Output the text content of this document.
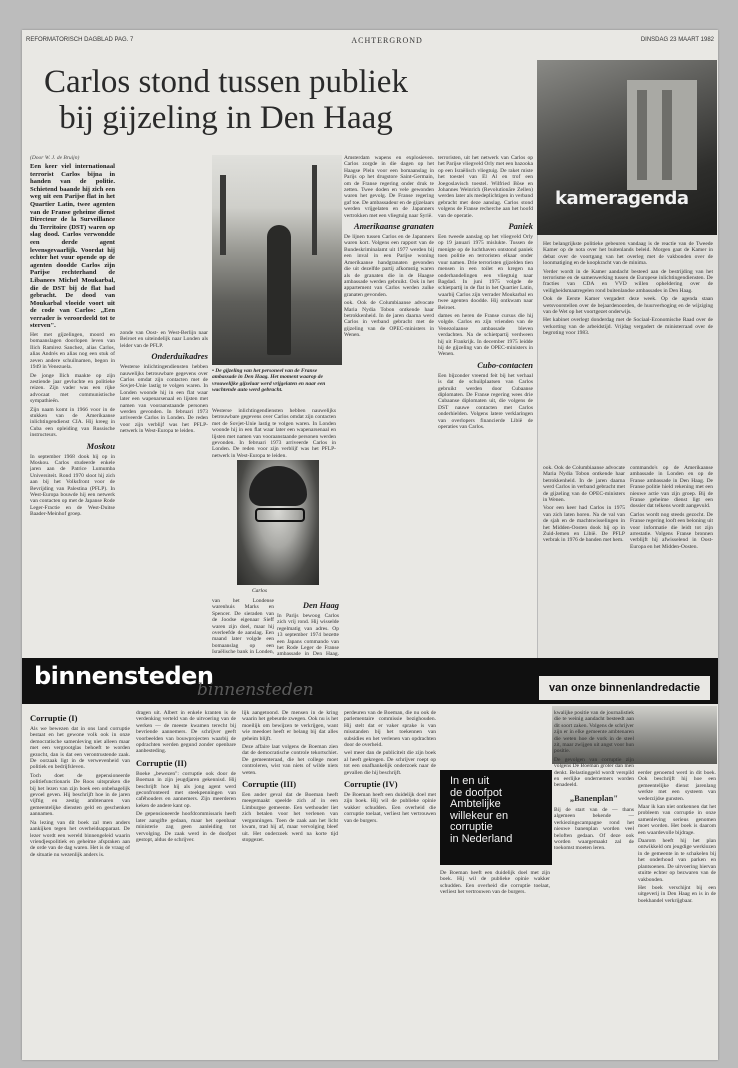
REFORMATORISCH DAGBLAD PAG. 7	ACHTERGROND	DINSDAG 23 MAART 1982
Carlos stond tussen publiek
bij gijzeling in Den Haag
(Door W. J. de Bruijn)

Een keer viel internationaal terrorist Carlos bijna in handen van de politie. Schietend baande hij zich een weg uit een Parijse flat in het Quartier Latin, twee agenten van de Franse geheime dienst Directeur de la Surveillance du Territoire (DST) waren op slag dood. Carlos verwondde een derde agent levensgevaarlijk. Voordat hij echter het vuur opende op de agenten doodde Carlos zijn Parijse rechterhand de Libanees Michel Moukarbal, die de DST bij de flat had gebracht. De dood van Moukarbal vloeide voort uit de code van Carlos: „Een verrader is veroordeeld tot te sterven".

Het met gijzelingen, moord en bomaanslagen doorlopen leven van Ilich Ramirez Sanchez, alias Carlos, alias Andrés en alias nog een stuk of zeven andere schuilnamen, begon in 1949 in Venezuela.

De jonge Ilich maakte op zijn zestiende jaar gevluchte en politieke reizen. Zijn vader was een rijke advocaat met communistische sympathieën.

Zijn naam komt in 1966 voor in de stukken van de Amerikaanse inlichtingendienst CIA. Hij kreeg in Cuba een opleiding van Russische instructeurs.

Moskou

In september 1968 dook hij op in Moskou. Carlos studeerde enkele jaren aan de Patrice Lumumba Universiteit. Rond 1970 sloot hij zich aan bij het Volksfront voor de Bevrijding van Palestina (PFLP). In West-Europa bouwde hij een netwerk van contacten op met de Japanse Rode Leger-Fractie en de West-Duitse Baader-Meinhof groep.

zonde van Oost- en West-Berlijn naar Beiroet en uiteindelijk naar Londen als leider van de PFLP.

Onderduikadres

Westerse inlichtingendiensten hebben nauwelijks betrouwbare gegevens over Carlos omdat zijn contacten met de Sovjet-Unie lastig te volgen waren. In Londen woonde hij in een flat waar later een wapenarsenaal en lijsten met namen van vooraanstaande personen werden gevonden. In februari 1973 arriveerde Carlos in Londen. De reden voor zijn verblijf was het PFLP-netwerk in West-Europa te leiden.

• De gijzeling van het personeel van de Franse ambassade in Den Haag. Het moment waarop de vrouwelijke gijzelaar werd vrijgelaten en naar een wachtende auto werd gebracht.

Westerse inlichtingendiensten hebben nauwelijks betrouwbare gegevens over Carlos omdat zijn contacten met de Sovjet-Unie lastig te volgen waren. In Londen woonde hij in een flat waar later een wapenarsenaal en lijsten met namen van vooraanstaande personen werden gevonden. In februari 1973 arriveerde Carlos in Londen. De reden voor zijn verblijf was het PFLP-netwerk in West-Europa te leiden.

Carlos

van het Londense warenhuis Marks en Spencer. De sieraden van de Joodse eigenaar Sieff waren zijn doel, maar hij overleefde de aanslag. Een maand later volgde een bomaanslag op een Israëlische bank in Londen,

Den Haag

In Parijs bewoog Carlos zich vrij rond. Hij wisselde regelmatig van adres. Op 13 september 1974 bezette een Japans commando van het Rode Leger de Franse ambassade in Den Haag.

Amsterdam wapens en explosieven. Carlos zorgde in die dagen op het Haagse Plein voor een bomaanslag in Parijs op het drugstore Saint-Germain, om de Franse regering onder druk te zetten. Twee doden en vele gewonden waren het gevolg. De Franse regering gaf toe. De ambassadeur en de gijzelaars werden vrijgelaten en de Japanners vertrokken met een vliegtuig naar Syrië.

Amerikaanse granaten

De lijnen tussen Carlos en de Japanners waren kort. Volgens een rapport van de Bundeskriminalamt uit 1977 werden bij een inval in een Parijse woning Amerikaanse handgranaten gevonden die uit dezelfde partij afkomstig waren als de granaten die in de Haagse ambassade werden gebruikt. Ook in het appartement van Carlos werden zulke granaten gevonden.

ook. Ook de Columbiaanse advocate Maria Nydia Tobon ontkende haar betrokkenheid. In de jaren daarna werd Carlos in verband gebracht met de gijzeling van de OPEC-ministers in Wenen.

terroristen, uit het netwerk van Carlos op het Parijse vliegveld Orly met een bazooka op een Israëlisch vliegtuig. De raket miste het toestel van El Al en trof een Joegoslavisch toestel. Wilfried Böse en Johannes Weinrich (Revolutionäre Zellen) werden later als medeplichtigen in verband gebracht met deze aanslag. Carlos stond volgens de Franse recherche aan het hoofd van de operatie.

Paniek

Een tweede aanslag op het vliegveld Orly op 19 januari 1975 mislukte. Tussen de menigte op de luchthaven ontstond paniek toen politie en terroristen elkaar onder vuur namen. Drie terroristen gijzelden tien mensen in een toilet en kregen na onderhandelingen een vliegtuig naar Bagdad. In juni 1975 volgde de schietpartij in de flat in het Quartier Latin, waarbij Carlos zijn verrader Moukarbal en twee agenten doodde. Hij ontkwam naar Beiroet.

dames en heren de Franse cursus die hij volgde. Carlos en zijn vrienden van de Venezolaanse ambassade bleven verdachten. Na de schietpartij verdween hij uit Frankrijk. In december 1975 leidde hij de gijzeling van de OPEC-ministers in Wenen.

Cubo-contacten

Een bijzonder vreemd feit bij het verhaal is dat de schuilplaatsen van Carlos gebruikt werden door Cubaanse diplomaten. De Franse regering wees drie Cubaanse diplomaten uit, die volgens de DST nauwe contacten met Carlos onderhielden. Volgens latere verklaringen van overlopers financierde Libië de operaties van Carlos.

kameragenda

Het belangrijkste politieke gebeuren vandaag is de reactie van de Tweede Kamer op de nota over het buitenlands beleid. Morgen gaat de Kamer in debat over de voortgang van het overleg met de vakbonden over de loonmatiging en de koopkracht van de minima.

Verder wordt in de Kamer aandacht besteed aan de bestrijding van het terrorisme en de samenwerking tussen de Europese inlichtingendiensten. De fracties van CDA en VVD willen opheldering over de veiligheidsmaatregelen rond buitenlandse ambassades in Den Haag.

Ook de Eerste Kamer vergadert deze week. Op de agenda staan wetsvoorstellen over de bejaardenoorden, de huurverhoging en de wijziging van de Wet op het voortgezet onderwijs.

Het kabinet overlegt donderdag met de Sociaal-Economische Raad over de verkorting van de arbeidstijd. Vrijdag vergadert de ministerraad over de begroting voor 1983.

ook. Ook de Columbiaanse advocate Maria Nydia Tobon ontkende haar betrokkenheid. In de jaren daarna werd Carlos in verband gebracht met de gijzeling van de OPEC-ministers in Wenen.

Voor een keer had Carlos in 1975 van zich laten horen. Na de val van de sjah en de machtswisselingen in het Midden-Oosten dook hij op in Zuid-Jemen en Libië. De PFLP verbrak in 1976 de banden met hem.

commando's op de Amerikaanse ambassade in Londen en op de Franse ambassade in Den Haag. De Franse politie hield rekening met een nieuwe actie van zijn groep. Bij de Franse geheime dienst ligt een dossier dat telkens wordt aangevuld.

Carlos wordt nog steeds gezocht. De Franse regering looft een beloning uit voor informatie die leidt tot zijn arrestatie. Volgens Franse bronnen verblijft hij afwisselend in Oost-Europa en het Midden-Oosten.

binnensteden
binnensteden	van onze binnenlandredactie
Corruptie (I)

Als we bewezen dat in ons land corruptie bestaat en het gewone volk ook in onze democratische samenleving niet alleen maar met een vergrootglas behoeft te worden gezocht, dan is dat een verontrustende zaak. De oorzaak ligt in de verwevenheid van politiek en bedrijfsleven.

Toch doet de gepensioneerde politiefunctionaris De Roos uitspraken die bij het lezen van zijn boek een onbehagelijk gevoel geven. Hij beschrijft hoe in de jaren vijftig en zestig ambtenaren van gemeentelijke diensten geld en geschenken aannamen.

Na lezing van dit boek zal men anders aankijken tegen het overheidsapparaat. De lezer wordt een wereld binnengeleid waarin vriendjespolitiek en geheime afspraken aan de orde van de dag waren. Het is de vraag of de situatie nu wezenlijk anders is.

dragen uit. Albert in enkele kranten is de verdenking verteld van de uitvoering van de werken — de meeste kwamen terecht bij bevriende aannemers. De schrijver geeft voorbeelden van bouwprojecten waarbij de opdrachten werden gegund zonder openbare aanbesteding.

Corruptie (II)

Boeke „bewezen": corruptie ook door de Boeman in zijn jeugdjaren gekennisd. Hij beschrijft hoe hij als jong agent werd geconfronteerd met steekpenningen van caféhouders en aannemers. Zijn meerderen keken de andere kant op.

De gepensioneerde hoofdcommissaris heeft later aangifte gedaan, maar het openbaar ministerie zag geen aanleiding tot vervolging. De zaak werd in de doofpot gestopt, aldus de schrijver.

lijk aangetoond. De mensen in de kring waarin het gebeurde zwegen. Ook nu is het moeilijk om bewijzen te verkrijgen, want wie meedoet heeft er belang bij dat alles geheim blijft.

Deze affaire laat volgens de Boeman zien dat de democratische controle tekortschiet. De gemeenteraad, die het college moet controleren, wist van niets of wilde niets weten.

Corruptie (III)

Een ander geval dat de Boeman heeft meegemaakt speelde zich af in een Limburgse gemeente. Een wethouder liet zich betalen voor het verlenen van vergunningen. Toen de zaak aan het licht kwam, trad hij af, maar vervolging bleef uit. Het onderzoek werd na korte tijd stopgezet.

perdeuren van de Boeman, die nu ook de parlementaire commissie bezighouden. Hij stelt dat er vaker sprake is van misstanden bij het toekennen van subsidies en het verlenen van opdrachten door de overheid.

wel meer dan de publiciteit die zijn boek al heeft gekregen. De schrijver roept op tot een onafhankelijk onderzoek naar de gevallen die hij beschrijft.

Corruptie (IV)

De Boeman heeft een duidelijk doel met zijn boek. Hij wil de publieke opinie wakker schudden. Een overheid die corruptie toelaat, verliest het vertrouwen van de burgers.

In en uit
de doofpot
Ambtelijke
willekeur en
corruptie
in Nederland

De Boeman heeft een duidelijk doel met zijn boek. Hij wil de publieke opinie wakker schudden. Een overheid die corruptie toelaat, verliest het vertrouwen van de burgers.

kwalijke positie van de journalistiek die te weinig aandacht besteedt aan dit soort zaken. Volgens de schrijver zijn er in elke gemeente ambtenaren die weten hoe de vork in de steel zit, maar zwijgen uit angst voor hun positie.

De gevolgen van corruptie zijn volgens De Boeman groter dan men denkt. Belastinggeld wordt verspild en eerlijke ondernemers worden benadeeld.

„Banenplan"

Bij de start van de — thans algemeen bekende — verkiezingscampagne rond het nieuwe banenplan worden veel beloften gedaan. Of deze ook worden waargemaakt zal de toekomst moeten leren.

eerder genoemd werd in dit boek. Ook beschrijft hij hoe een gemeentelijke dienst jarenlang werkte met een systeem van wederzijdse gunsten.

Maar ik kan niet ontkennen dat het probleem van corruptie in onze samenleving serieus genomen moet worden. Het boek is daarom een waardevolle bijdrage.

Daarom heeft hij het plan ontwikkeld om jeugdige werklozen in de gemeente in te schakelen bij het onderhoud van parken en plantsoenen. De uitvoering hiervan stuitte echter op bezwaren van de vakbonden.

Het boek verschijnt bij een uitgeverij in Den Haag en is in de boekhandel verkrijgbaar.
